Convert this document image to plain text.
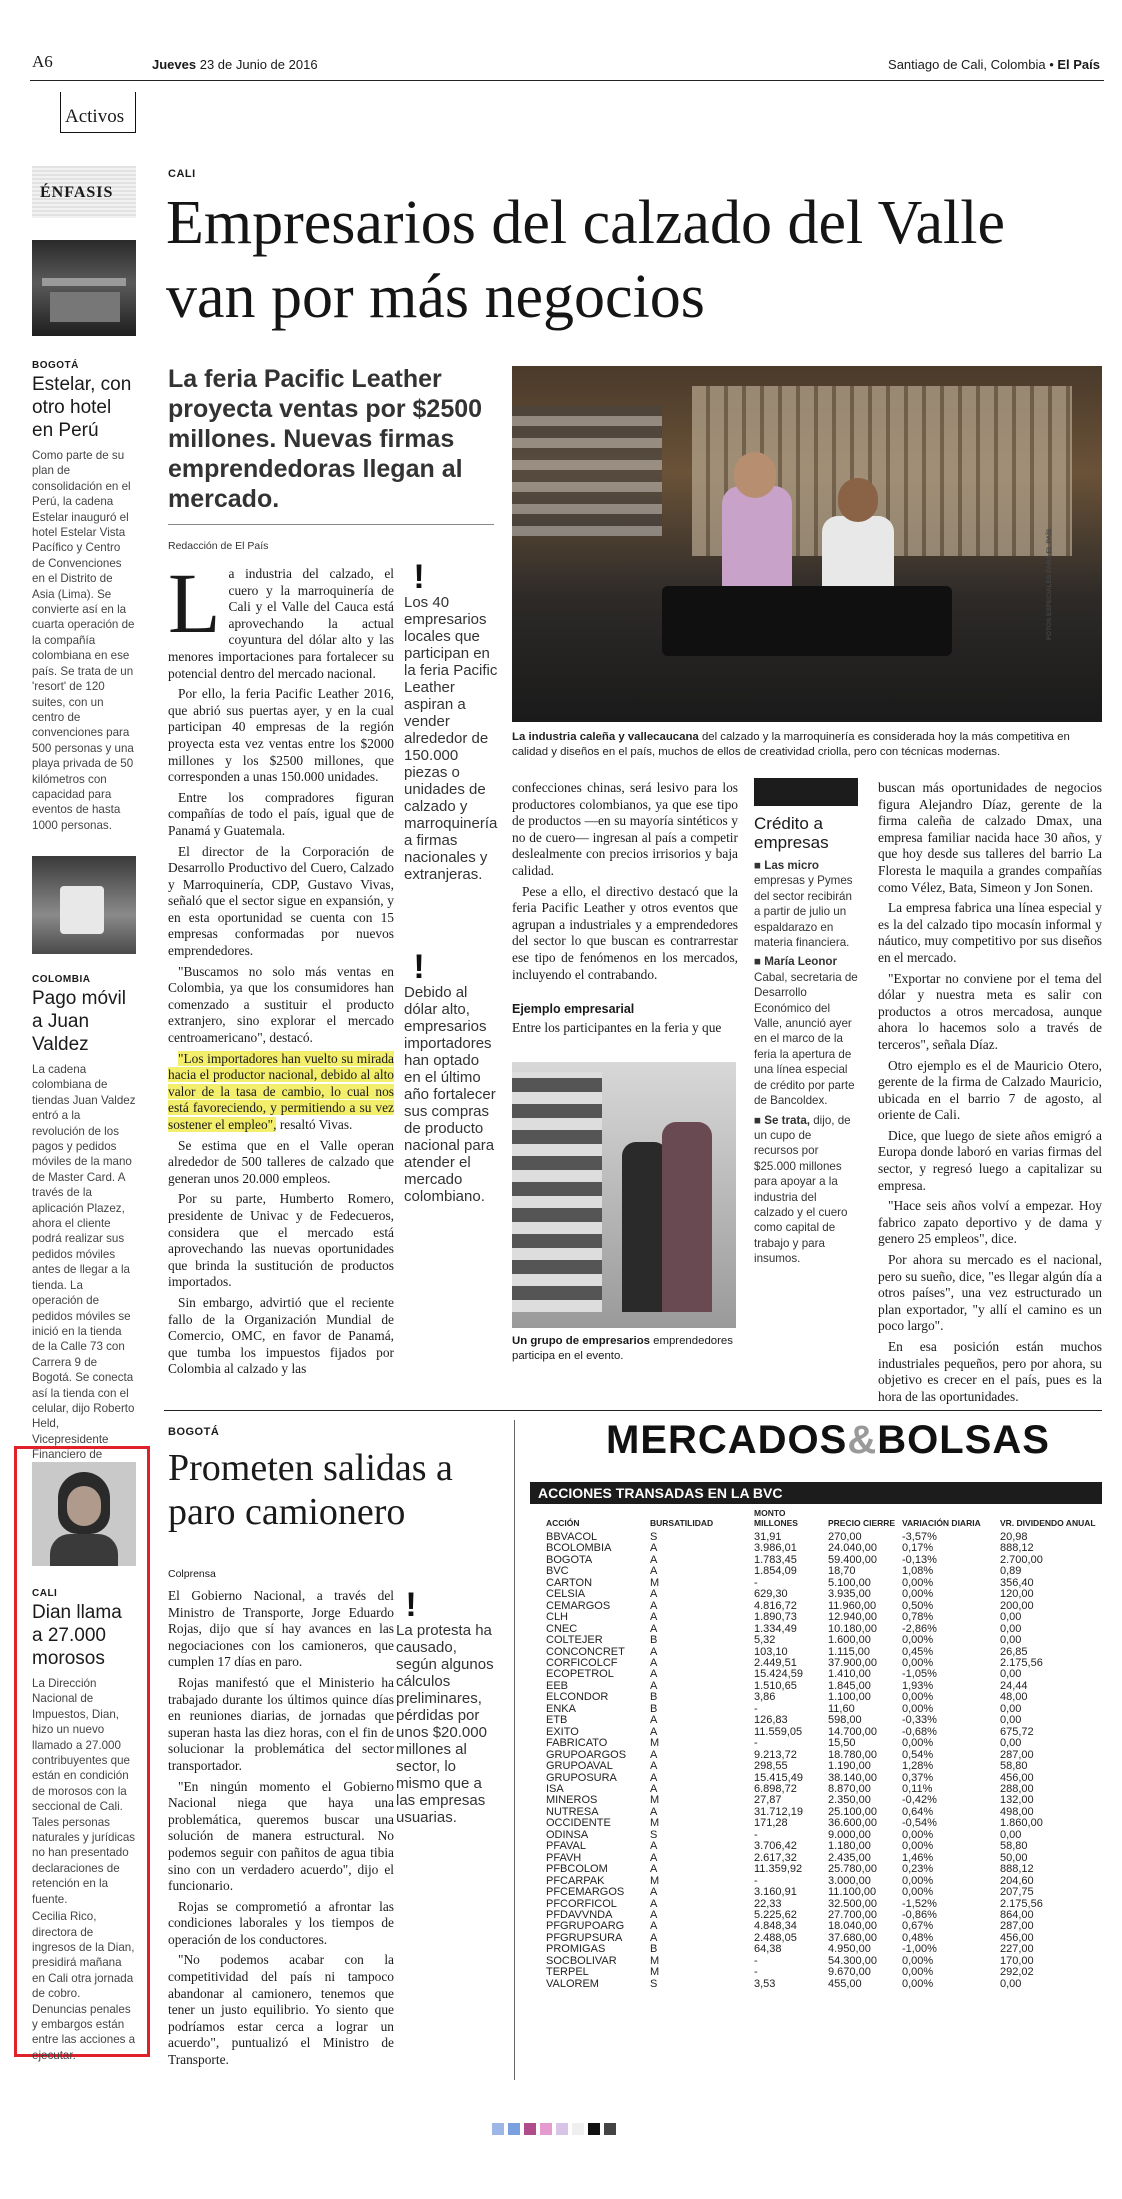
A6	Jueves 23 de Junio de 2016	Santiago de Cali, Colombia • El País
Activos
ÉNFASIS
BOGOTÁ
Estelar, con otro hotel en Perú
Como parte de su plan de consolidación en el Perú, la cadena Estelar inauguró el hotel Estelar Vista Pacífico y Centro de Convenciones en el Distrito de Asia (Lima). Se convierte así en la cuarta operación de la compañía colombiana en ese país. Se trata de un 'resort' de 120 suites, con un centro de convenciones para 500 personas y una playa privada de 50 kilómetros con capacidad para eventos de hasta 1000 personas.
COLOMBIA
Pago móvil a Juan Valdez
La cadena colombiana de tiendas Juan Valdez entró a la revolución de los pagos y pedidos móviles de la mano de Master Card. A través de la aplicación Plazez, ahora el cliente podrá realizar sus pedidos móviles antes de llegar a la tienda. La operación de pedidos móviles se inició en la tienda de la Calle 73 con Carrera 9 de Bogotá. Se conecta así la tienda con el celular, dijo Roberto Held, Vicepresidente Financiero de
CALI
Dian llama a 27.000 morosos
La Dirección Nacional de Impuestos, Dian, hizo un nuevo llamado a 27.000 contribuyentes que están en condición de morosos con la seccional de Cali. Tales personas naturales y jurídicas no han presentado declaraciones de retención en la fuente.
Cecilia Rico, directora de ingresos de la Dian, presidirá mañana en Cali otra jornada de cobro. Denuncias penales y embargos están entre las acciones a ejecutar.
CALI
Empresarios del calzado del Valle van por más negocios
La feria Pacific Leather proyecta ventas por $2500 millones. Nuevas firmas emprendedoras llegan al mercado.
Redacción de El País	FOTOS ESPECIALES PARA EL PAÍS
La industria caleña y vallecaucana del calzado y la marroquinería es considerada hoy la más competitiva en calidad y diseños en el país, muchos de ellos de creatividad criolla, pero con técnicas modernas.
L a industria del calzado, el cuero y la marroquinería de Cali y el Valle del Cauca está aprovechando la actual coyuntura del dólar alto y las menores importaciones para fortalecer su potencial dentro del mercado nacional.

Por ello, la feria Pacific Leather 2016, que abrió sus puertas ayer, y en la cual participan 40 empresas de la región proyecta esta vez ventas entre los $2000 millones y los $2500 millones, que corresponden a unas 150.000 unidades.

Entre los compradores figuran compañías de todo el país, igual que de Panamá y Guatemala.

El director de la Corporación de Desarrollo Productivo del Cuero, Calzado y Marroquinería, CDP, Gustavo Vivas, señaló que el sector sigue en expansión, y en esta oportunidad se cuenta con 15 empresas conformadas por nuevos emprendedores.

"Buscamos no solo más ventas en Colombia, ya que los consumidores han comenzado a sustituir el producto extranjero, sino explorar el mercado centroamericano", destacó.

"Los importadores han vuelto su mirada hacia el productor nacional, debido al alto valor de la tasa de cambio, lo cual nos está favoreciendo, y permitiendo a su vez sostener el empleo", resaltó Vivas.

Se estima que en el Valle operan alrededor de 500 talleres de calzado que generan unos 20.000 empleos.

Por su parte, Humberto Romero, presidente de Univac y de Fedecueros, considera que el mercado está aprovechando las nuevas oportunidades que brinda la sustitución de productos importados.

Sin embargo, advirtió que el reciente fallo de la Organización Mundial de Comercio, OMC, en favor de Panamá, que tumba los impuestos fijados por Colombia al calzado y las

!
Los 40 empresarios locales que participan en la feria Pacific Leather aspiran a vender alrededor de 150.000 piezas o unidades de calzado y marroquinería a firmas nacionales y extranjeras.
!
Debido al dólar alto, empresarios importadores han optado en el último año fortalecer sus compras de producto nacional para atender el mercado colombiano.

confecciones chinas, será lesivo para los productores colombianos, ya que ese tipo de productos —en su mayoría sintéticos y no de cuero— ingresan al país a competir deslealmente con precios irrisorios y baja calidad.

Pese a ello, el directivo destacó que la feria Pacific Leather y otros eventos que agrupan a industriales y a emprendedores del sector lo que buscan es contrarrestar ese tipo de fenómenos en los mercados, incluyendo el contrabando.

Ejemplo empresarial
Entre los participantes en la feria y que
Un grupo de empresarios emprendedores participa en el evento.
Crédito a empresas
■ Las micro empresas y Pymes del sector recibirán a partir de julio un espaldarazo en materia financiera.
■ María Leonor Cabal, secretaria de Desarrollo Económico del Valle, anunció ayer en el marco de la feria la apertura de una línea especial de crédito por parte de Bancoldex.
■ Se trata, dijo, de un cupo de recursos por $25.000 millones para apoyar a la industria del calzado y el cuero como capital de trabajo y para insumos.

buscan más oportunidades de negocios figura Alejandro Díaz, gerente de la firma caleña de calzado Dmax, una empresa familiar nacida hace 30 años, y que hoy desde sus talleres del barrio La Floresta le maquila a grandes compañías como Vélez, Bata, Simeon y Jon Sonen.

La empresa fabrica una línea especial y es la del calzado tipo mocasín informal y náutico, muy competitivo por sus diseños en el mercado.

"Exportar no conviene por el tema del dólar y nuestra meta es salir con productos a otros mercadosa, aunque ahora lo hacemos solo a través de terceros", señala Díaz.

Otro ejemplo es el de Mauricio Otero, gerente de la firma de Calzado Mauricio, ubicada en el barrio 7 de agosto, al oriente de Cali.

Dice, que luego de siete años emigró a Europa donde laboró en varias firmas del sector, y regresó luego a capitalizar su empresa.

"Hace seis años volví a empezar. Hoy fabrico zapato deportivo y de dama y genero 25 empleos", dice.

Por ahora su mercado es el nacional, pero su sueño, dice, "es llegar algún día a otros países", una vez estructurado un plan exportador, "y allí el camino es un poco largo".

En esa posición están muchos industriales pequeños, pero por ahora, su objetivo es crecer en el país, pues es la hora de las oportunidades.

BOGOTÁ
Prometen salidas a paro camionero
Colprensa

El Gobierno Nacional, a través del Ministro de Transporte, Jorge Eduardo Rojas, dijo que sí hay avances en las negociaciones con los camioneros, que cumplen 17 días en paro.

Rojas manifestó que el Ministerio ha trabajado durante los últimos quince días en reuniones diarias, de jornadas que superan hasta las diez horas, con el fin de solucionar la problemática del sector transportador.

"En ningún momento el Gobierno Nacional niega que haya una problemática, queremos buscar una solución de manera estructural. No podemos seguir con pañitos de agua tibia sino con un verdadero acuerdo", dijo el funcionario.

Rojas se comprometió a afrontar las condiciones laborales y los tiempos de operación de los conductores.

"No podemos acabar con la competitividad del país ni tampoco abandonar al camionero, tenemos que tener un justo equilibrio. Yo siento que podríamos estar cerca a lograr un acuerdo", puntualizó el Ministro de Transporte.

!
La protesta ha causado, según algunos cálculos preliminares, pérdidas por unos $20.000 millones al sector, lo mismo que a las empresas usuarias.
MERCADOS&BOLSAS
ACCIONES TRANSADAS EN LA BVC
ACCIÓN	BURSATILIDAD	MONTO MILLONES	PRECIO CIERRE	VARIACIÓN DIARIA	VR. DIVIDENDO ANUAL
BBVACOL	S	31,91	270,00	-3,57%	20,98
BCOLOMBIA	A	3.986,01	24.040,00	0,17%	888,12
BOGOTA	A	1.783,45	59.400,00	-0,13%	2.700,00
BVC	A	1.854,09	18,70	1,08%	0,89
CARTON	M	-	5.100,00	0,00%	356,40
CELSIA	A	629,30	3.935,00	0,00%	120,00
CEMARGOS	A	4.816,72	11.960,00	0,50%	200,00
CLH	A	1.890,73	12.940,00	0,78%	0,00
CNEC	A	1.334,49	10.180,00	-2,86%	0,00
COLTEJER	B	5,32	1.600,00	0,00%	0,00
CONCONCRET	A	103,10	1.115,00	0,45%	26,85
CORFICOLCF	A	2.449,51	37.900,00	0,00%	2.175,56
ECOPETROL	A	15.424,59	1.410,00	-1,05%	0,00
EEB	A	1.510,65	1.845,00	1,93%	24,44
ELCONDOR	B	3,86	1.100,00	0,00%	48,00
ENKA	B	-	11,60	0,00%	0,00
ETB	A	126,83	598,00	-0,33%	0,00
EXITO	A	11.559,05	14.700,00	-0,68%	675,72
FABRICATO	M	-	15,50	0,00%	0,00
GRUPOARGOS	A	9.213,72	18.780,00	0,54%	287,00
GRUPOAVAL	A	298,55	1.190,00	1,28%	58,80
GRUPOSURA	A	15.415,49	38.140,00	0,37%	456,00
ISA	A	6.898,72	8.870,00	0,11%	288,00
MINEROS	M	27,87	2.350,00	-0,42%	132,00
NUTRESA	A	31.712,19	25.100,00	0,64%	498,00
OCCIDENTE	M	171,28	36.600,00	-0,54%	1.860,00
ODINSA	S	-	9.000,00	0,00%	0,00
PFAVAL	A	3.706,42	1.180,00	0,00%	58,80
PFAVH	A	2.617,32	2.435,00	1,46%	50,00
PFBCOLOM	A	11.359,92	25.780,00	0,23%	888,12
PFCARPAK	M	-	3.000,00	0,00%	204,60
PFCEMARGOS	A	3.160,91	11.100,00	0,00%	207,75
PFCORFICOL	A	22,33	32.500,00	-1,52%	2.175,56
PFDAVVNDA	A	5.225,62	27.700,00	-0,86%	864,00
PFGRUPOARG	A	4.848,34	18.040,00	0,67%	287,00
PFGRUPSURA	A	2.488,05	37.680,00	0,48%	456,00
PROMIGAS	B	64,38	4.950,00	-1,00%	227,00
SOCBOLIVAR	M	-	54.300,00	0,00%	170,00
TERPEL	M	-	9.670,00	0,00%	292,02
VALOREM	S	3,53	455,00	0,00%	0,00
